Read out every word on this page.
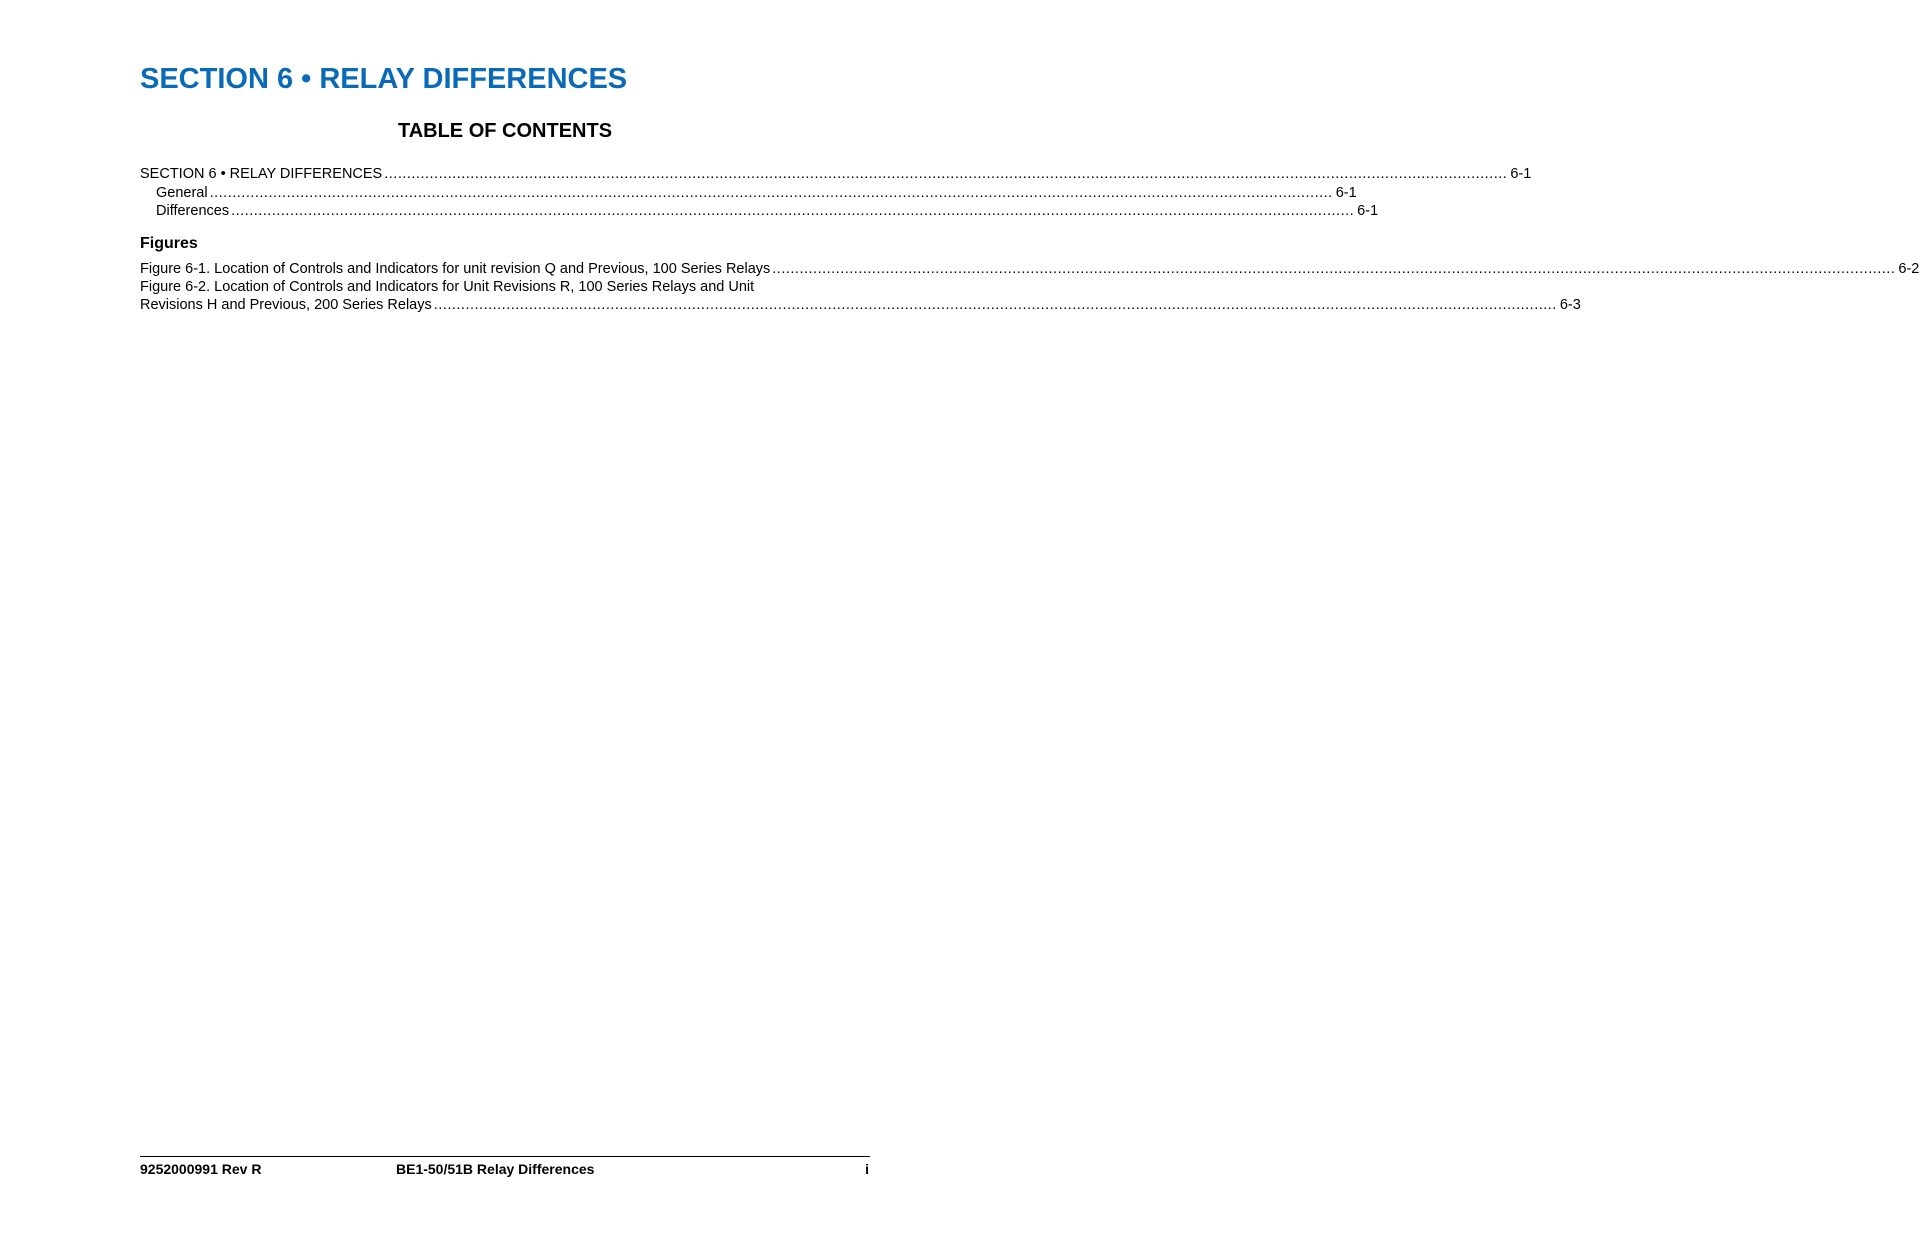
SECTION 6 • RELAY DIFFERENCES
TABLE OF CONTENTS
SECTION 6 • RELAY DIFFERENCES ........................................................................................................................................................................................................................................................ 6-1
General ........................................................................................................................................................................................................................................................ 6-1
Differences ........................................................................................................................................................................................................................................................ 6-1
Figures
Figure 6-1. Location of Controls and Indicators for unit revision Q and Previous, 100 Series Relays ........................................................................................................................................................................................................................................................ 6-2
Figure 6-2. Location of Controls and Indicators for Unit Revisions R, 100 Series Relays and Unit
Revisions H and Previous, 200 Series Relays ........................................................................................................................................................................................................................................................ 6-3
9252000991 Rev R	BE1-50/51B Relay Differences	i
